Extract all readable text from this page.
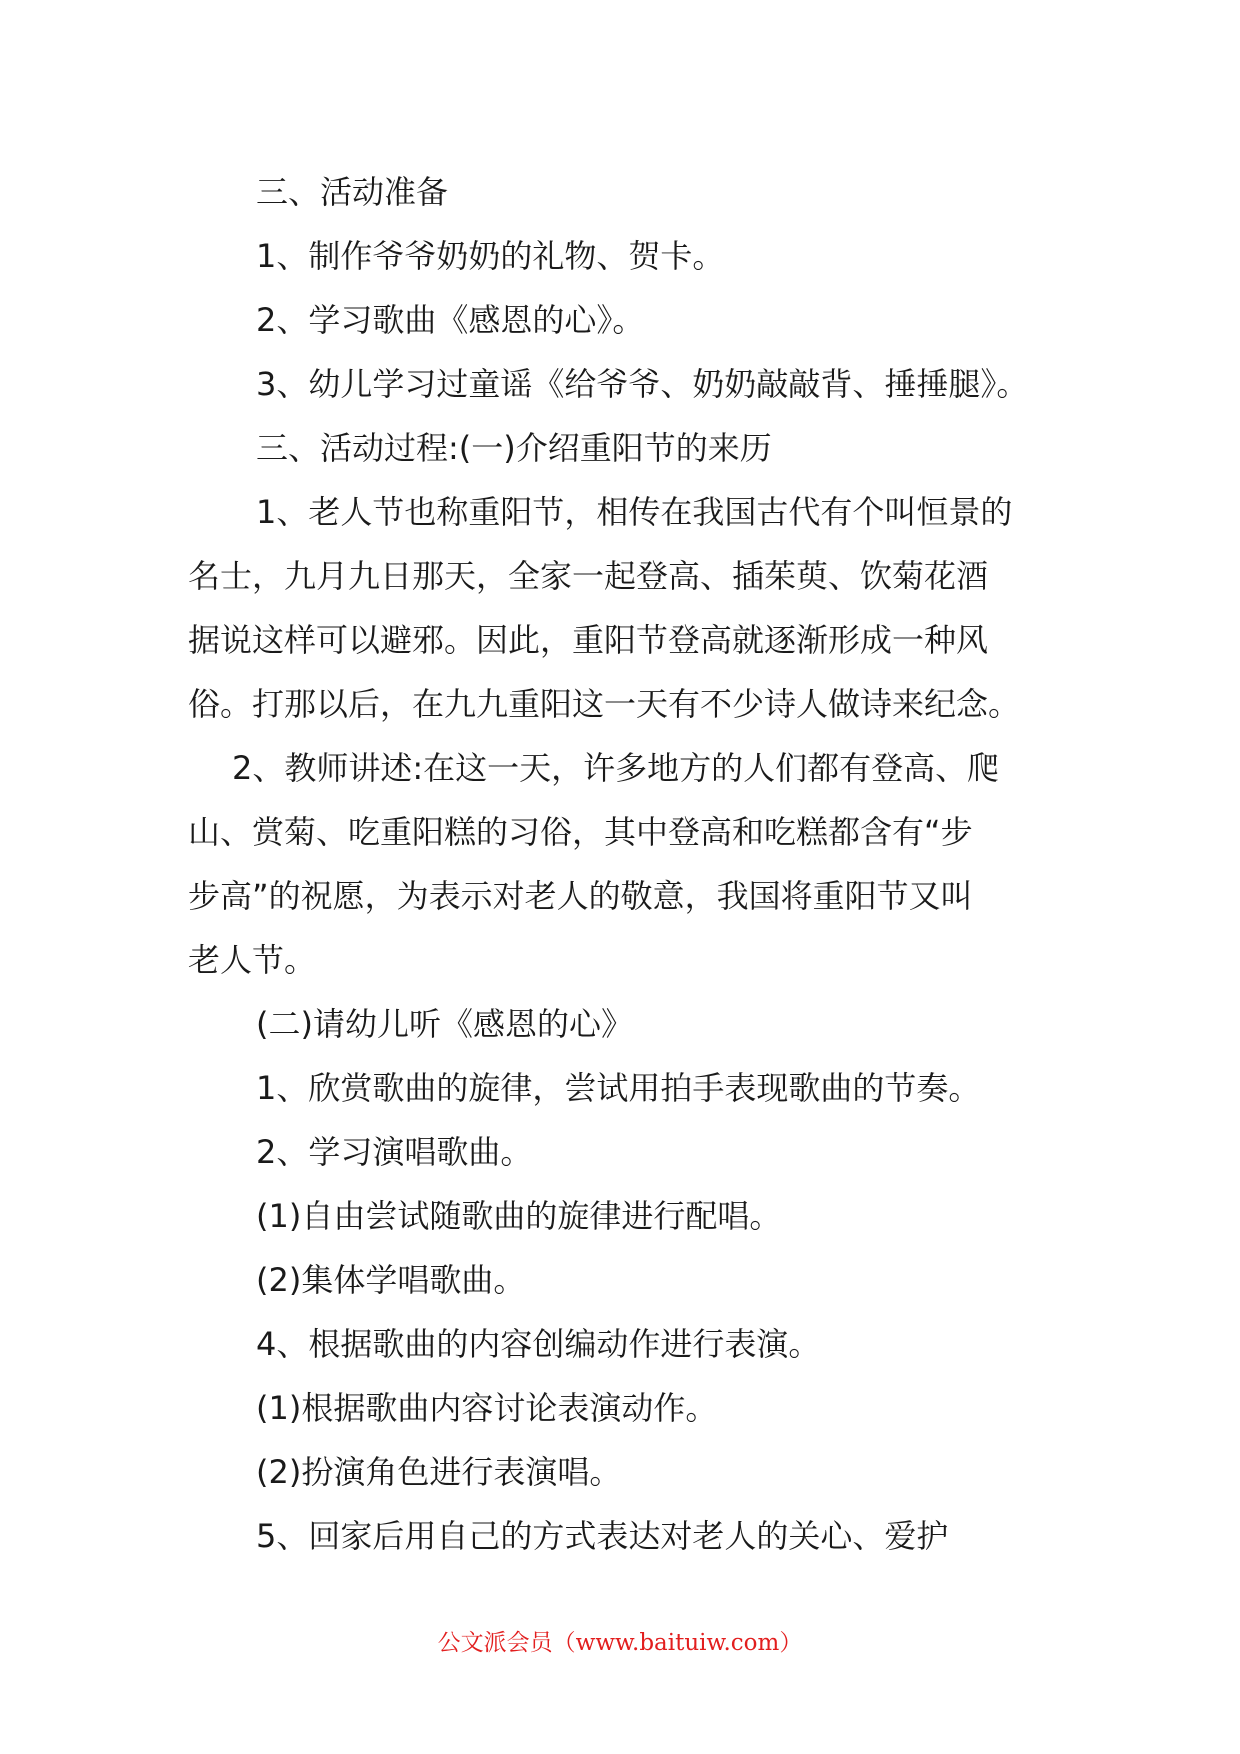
三、活动准备

1、制作爷爷奶奶的礼物、贺卡。

2、学习歌曲《感恩的心》。

3、幼儿学习过童谣《给爷爷、奶奶敲敲背、捶捶腿》。

三、活动过程:(一)介绍重阳节的来历

1、老人节也称重阳节，相传在我国古代有个叫恒景的

名士，九月九日那天，全家一起登高、插茱萸、饮菊花酒

据说这样可以避邪。因此，重阳节登高就逐渐形成一种风

俗。打那以后，在九九重阳这一天有不少诗人做诗来纪念。

2、教师讲述:在这一天，许多地方的人们都有登高、爬

山、赏菊、吃重阳糕的习俗，其中登高和吃糕都含有“步

步高”的祝愿，为表示对老人的敬意，我国将重阳节又叫

老人节。

(二)请幼儿听《感恩的心》

1、欣赏歌曲的旋律，尝试用拍手表现歌曲的节奏。

2、学习演唱歌曲。

(1)自由尝试随歌曲的旋律进行配唱。

(2)集体学唱歌曲。

4、根据歌曲的内容创编动作进行表演。

(1)根据歌曲内容讨论表演动作。

(2)扮演角色进行表演唱。

5、回家后用自己的方式表达对老人的关心、爱护

公文派会员（www.baituiw.com）
